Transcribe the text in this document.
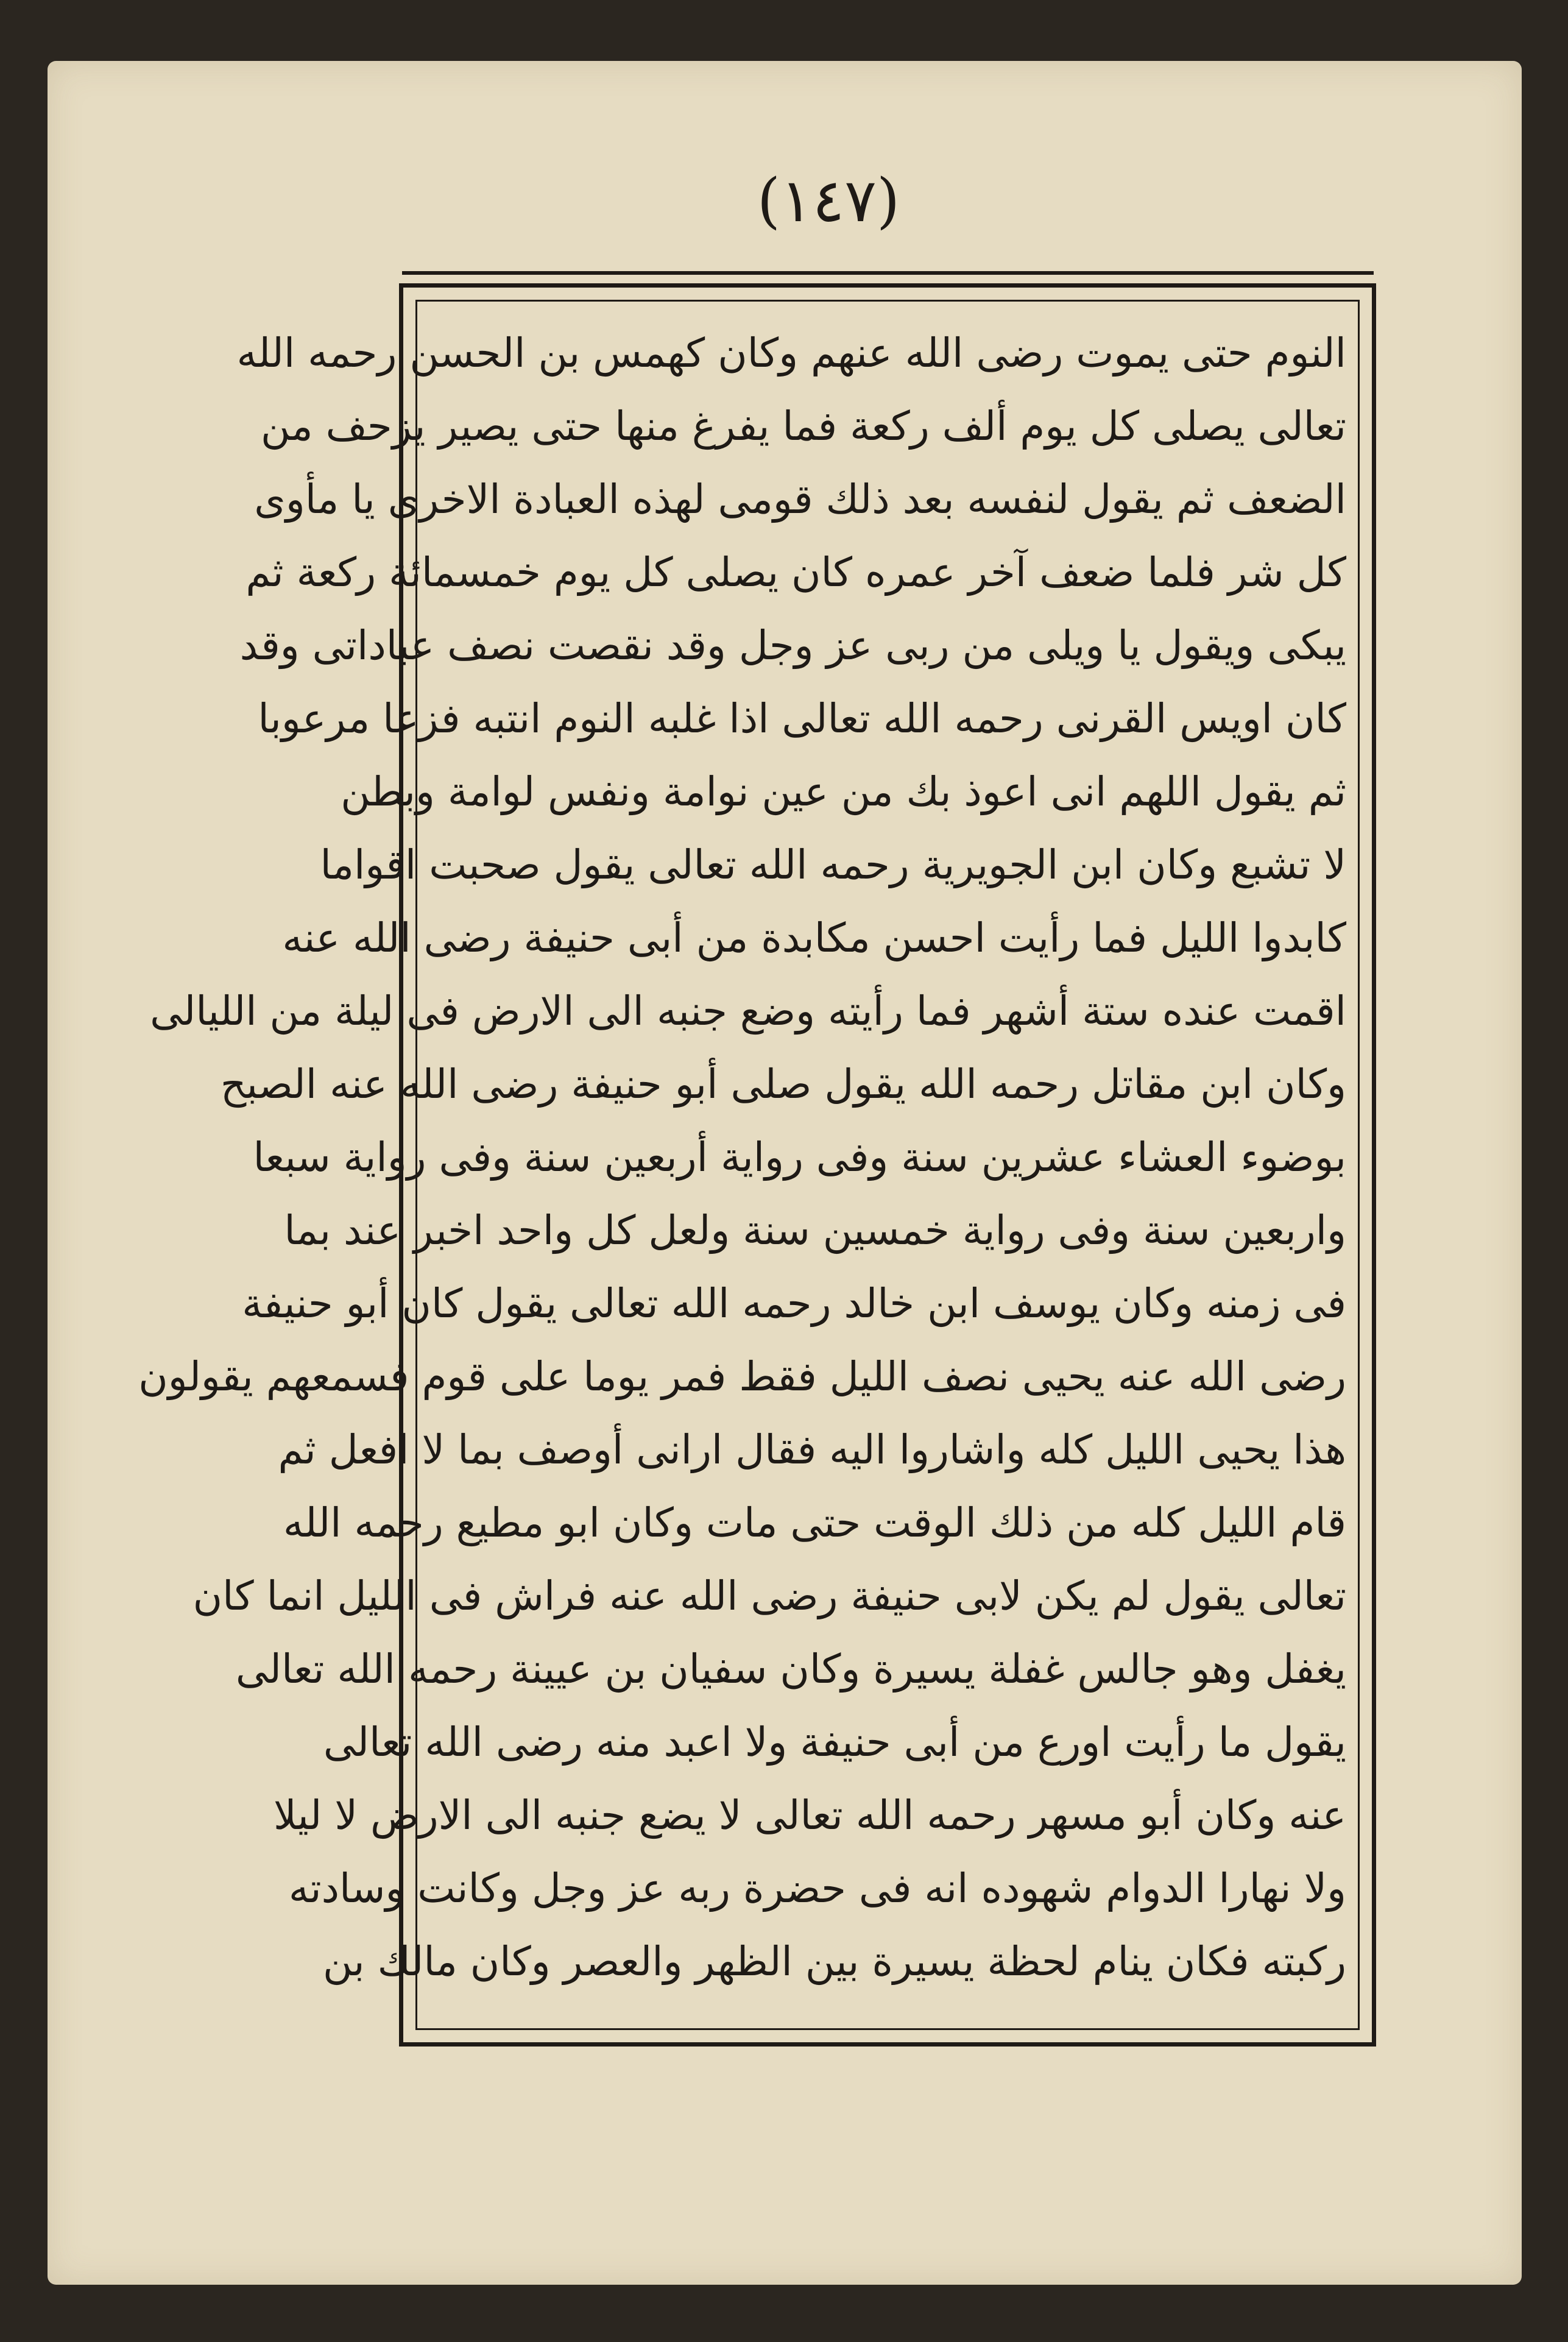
(١٤٧)
النوم حتى يموت رضى الله عنهم وكان كهمس بن الحسن رحمه الله
تعالى يصلى كل يوم ألف ركعة فما يفرغ منها حتى يصير يزحف من
الضعف ثم يقول لنفسه بعد ذلك قومى لهذه العبادة الاخرى يا مأوى
كل شر فلما ضعف آخر عمره كان يصلى كل يوم خمسمائة ركعة ثم
يبكى ويقول يا ويلى من ربى عز وجل وقد نقصت نصف عباداتى وقد
كان اويس القرنى رحمه الله تعالى اذا غلبه النوم انتبه فزعا مرعوبا
ثم يقول اللهم انى اعوذ بك من عين نوامة ونفس لوامة وبطن
لا تشبع وكان ابن الجويرية رحمه الله تعالى يقول صحبت اقواما
كابدوا الليل فما رأيت احسن مكابدة من أبى حنيفة رضى الله عنه
اقمت عنده ستة أشهر فما رأيته وضع جنبه الى الارض فى ليلة من الليالى
وكان ابن مقاتل رحمه الله يقول صلى أبو حنيفة رضى الله عنه الصبح
بوضوء العشاء عشرين سنة وفى رواية أربعين سنة وفى رواية سبعا
واربعين سنة وفى رواية خمسين سنة ولعل كل واحد اخبر عند بما
فى زمنه وكان يوسف ابن خالد رحمه الله تعالى يقول كان أبو حنيفة
رضى الله عنه يحيى نصف الليل فقط فمر يوما على قوم فسمعهم يقولون
هذا يحيى الليل كله واشاروا اليه فقال ارانى أوصف بما لا افعل ثم
قام الليل كله من ذلك الوقت حتى مات وكان ابو مطيع رحمه الله
تعالى يقول لم يكن لابى حنيفة رضى الله عنه فراش فى الليل انما كان
يغفل وهو جالس غفلة يسيرة وكان سفيان بن عيينة رحمه الله تعالى
يقول ما رأيت اورع من أبى حنيفة ولا اعبد منه رضى الله تعالى
عنه وكان أبو مسهر رحمه الله تعالى لا يضع جنبه الى الارض لا ليلا
ولا نهارا الدوام شهوده انه فى حضرة ربه عز وجل وكانت وسادته
ركبته فكان ينام لحظة يسيرة بين الظهر والعصر وكان مالك بن
